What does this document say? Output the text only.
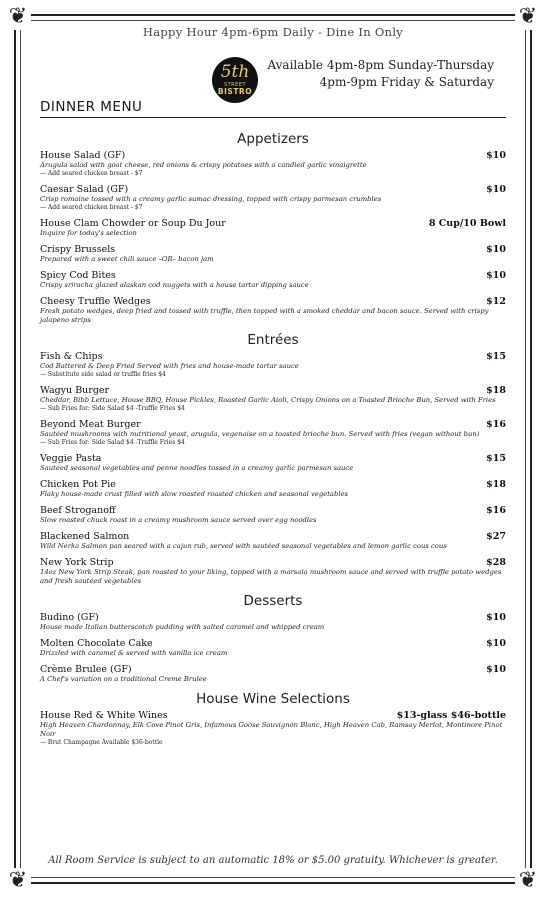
❦	❦
❦	❦
Happy Hour 4pm-6pm Daily - Dine In Only
5th
STREET
BISTRO
Available 4pm-8pm Sunday-Thursday
4pm-9pm Friday & Saturday
DINNER MENU
Appetizers
House Salad (GF)	$10
Arugula salad with goat cheese, red onions & crispy potatoes with a candied garlic vinaigrette
— Add seared chicken breast - $7
Caesar Salad (GF)	$10
Crisp romaine tossed with a creamy garlic sumac dressing, topped with crispy parmesan crumbles
— Add seared chicken breast - $7
House Clam Chowder or Soup Du Jour	8 Cup/10 Bowl
Inquire for today's selection
Crispy Brussels	$10
Prepared with a sweet chili sauce –OR– bacon jam
Spicy Cod Bites	$10
Crispy sriracha glazed alaskan cod nuggets with a house tartar dipping sauce
Cheesy Truffle Wedges	$12
Fresh potato wedges, deep fried and tossed with truffle, then topped with a smoked cheddar and bacon sauce. Served with crispy jalapeno strips
Entrées
Fish & Chips	$15
Cod Battered & Deep Fried Served with fries and house-made tartar sauce
— Substitute side salad or truffle fries $4
Wagyu Burger	$18
Cheddar, Bibb Lettuce, House BBQ, House Pickles, Roasted Garlic Aioli, Crispy Onions on a Toasted Brioche Bun, Served with Fries
— Sub Fries for: Side Salad $4 -Truffle Fries $4
Beyond Meat Burger	$16
Sautéed mushrooms with nutritional yeast, arugula, vegenaise on a toasted brioche bun. Served with fries (vegan without bun)
— Sub Fries for: Side Salad $4 -Truffle Fries $4
Veggie Pasta	$15
Sautéed seasonal vegetables and penne noodles tossed in a creamy garlic parmesan sauce
Chicken Pot Pie	$18
Flaky house-made crust filled with slow roasted roasted chicken and seasonal vegetables
Beef Stroganoff	$16
Slow roasted chuck roast in a creamy mushroom sauce served over egg noodles
Blackened Salmon	$27
Wild Nerka Salmon pan seared with a cajun rub, served with sautéed seasonal vegetables and lemon garlic cous cous
New York Strip	$28
14oz New York Strip Steak, pan roasted to your liking, topped with a marsala mushroom sauce and served with truffle potato wedges and fresh sautéed vegetables
Desserts
Budino (GF)	$10
House made Italian butterscotch pudding with salted caramel and whipped cream
Molten Chocolate Cake	$10
Drizzled with caramel & served with vanilla ice cream
Crème Brulee (GF)	$10
A Chef's variation on a traditional Creme Brulee
House Wine Selections
House Red & White Wines	$13-glass $46-bottle
High Heaven Chardonnay, Elk Cove Pinot Gris, Infamous Goose Sauvignon Blanc, High Heaven Cab, Ramsay Merlot, Montinore Pinot Noir
— Brut Champagne Available $36-bottle
All Room Service is subject to an automatic 18% or $5.00 gratuity. Whichever is greater.
